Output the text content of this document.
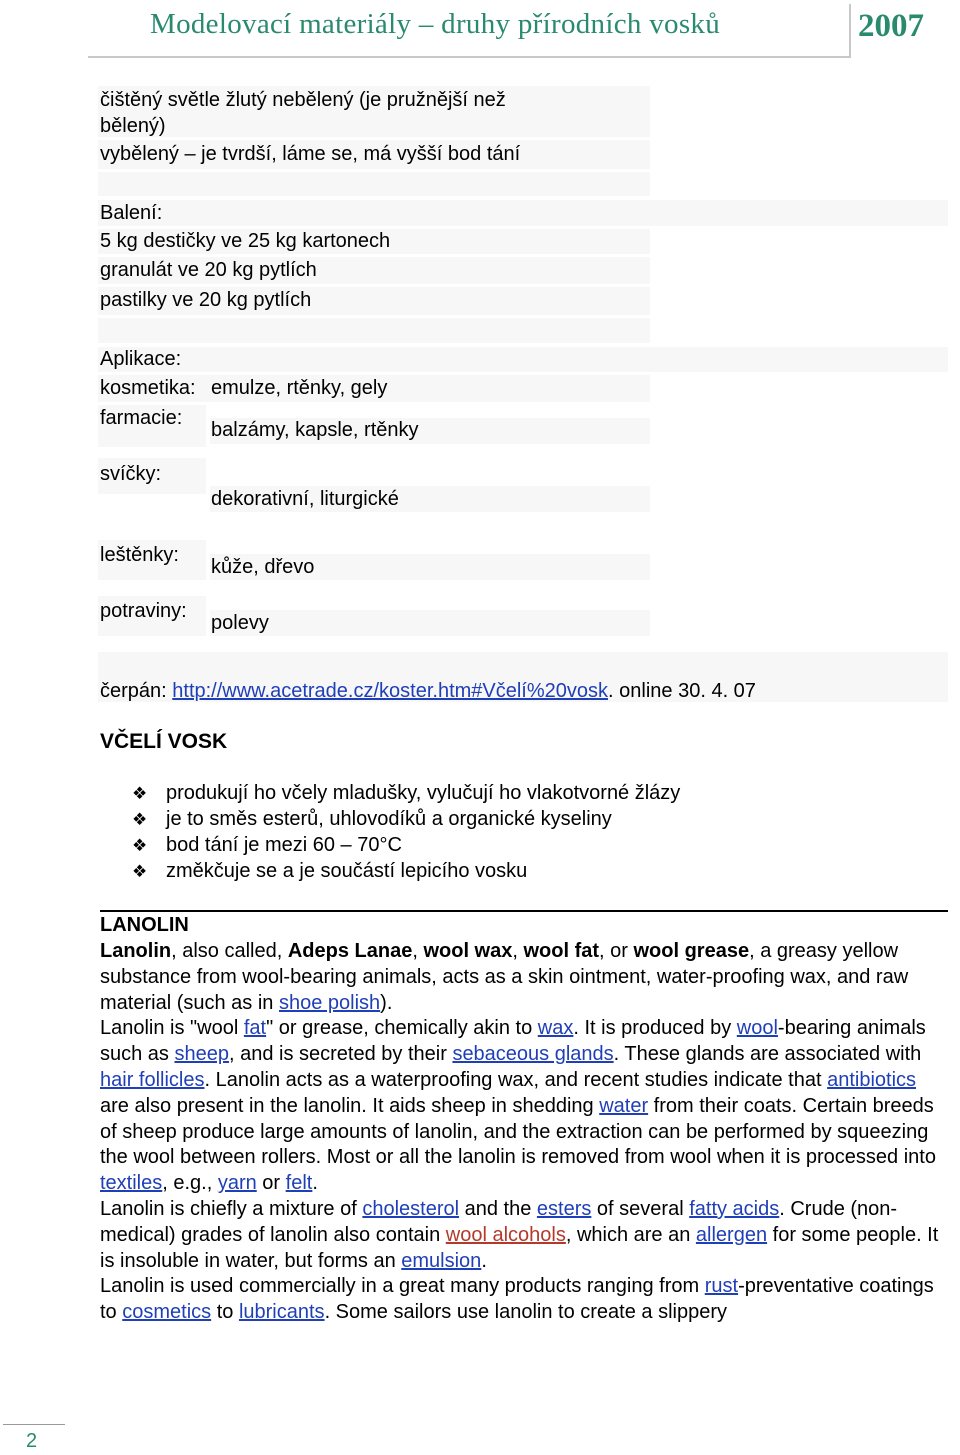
Modelovací materiály – druhy přírodních vosků	2007
čištěný světle žlutý nebělený (je pružnější než
bělený)
vybělený – je tvrdší, láme se, má vyšší bod tání
Balení:
5 kg destičky ve 25 kg kartonech
granulát ve 20 kg pytlích
pastilky ve 20 kg pytlích
Aplikace:
kosmetika: emulze, rtěnky, gely
farmacie:
balzámy, kapsle, rtěnky
svíčky:
dekorativní, liturgické
leštěnky:
kůže, dřevo
potraviny:
polevy
čerpán: http://www.acetrade.cz/koster.htm#Včelí%20vosk. online 30. 4. 07
VČELÍ VOSK
❖ produkují ho včely mladušky, vylučují ho vlakotvorné žlázy
❖ je to směs esterů, uhlovodíků a organické kyseliny
❖ bod tání je mezi 60 – 70°C
❖ změkčuje se a je součástí lepicího vosku
LANOLIN

Lanolin, also called, Adeps Lanae, wool wax, wool fat, or wool grease, a greasy yellow substance from wool-bearing animals, acts as a skin ointment, water-proofing wax, and raw material (such as in shoe polish).

Lanolin is "wool fat" or grease, chemically akin to wax. It is produced by wool-bearing animals such as sheep, and is secreted by their sebaceous glands. These glands are associated with hair follicles. Lanolin acts as a waterproofing wax, and recent studies indicate that antibiotics are also present in the lanolin. It aids sheep in shedding water from their coats. Certain breeds of sheep produce large amounts of lanolin, and the extraction can be performed by squeezing the wool between rollers. Most or all the lanolin is removed from wool when it is processed into textiles, e.g., yarn or felt.

Lanolin is chiefly a mixture of cholesterol and the esters of several fatty acids. Crude (non-medical) grades of lanolin also contain wool alcohols, which are an allergen for some people. It is insoluble in water, but forms an emulsion.

Lanolin is used commercially in a great many products ranging from rust-preventative coatings to cosmetics to lubricants. Some sailors use lanolin to create a slippery

2
